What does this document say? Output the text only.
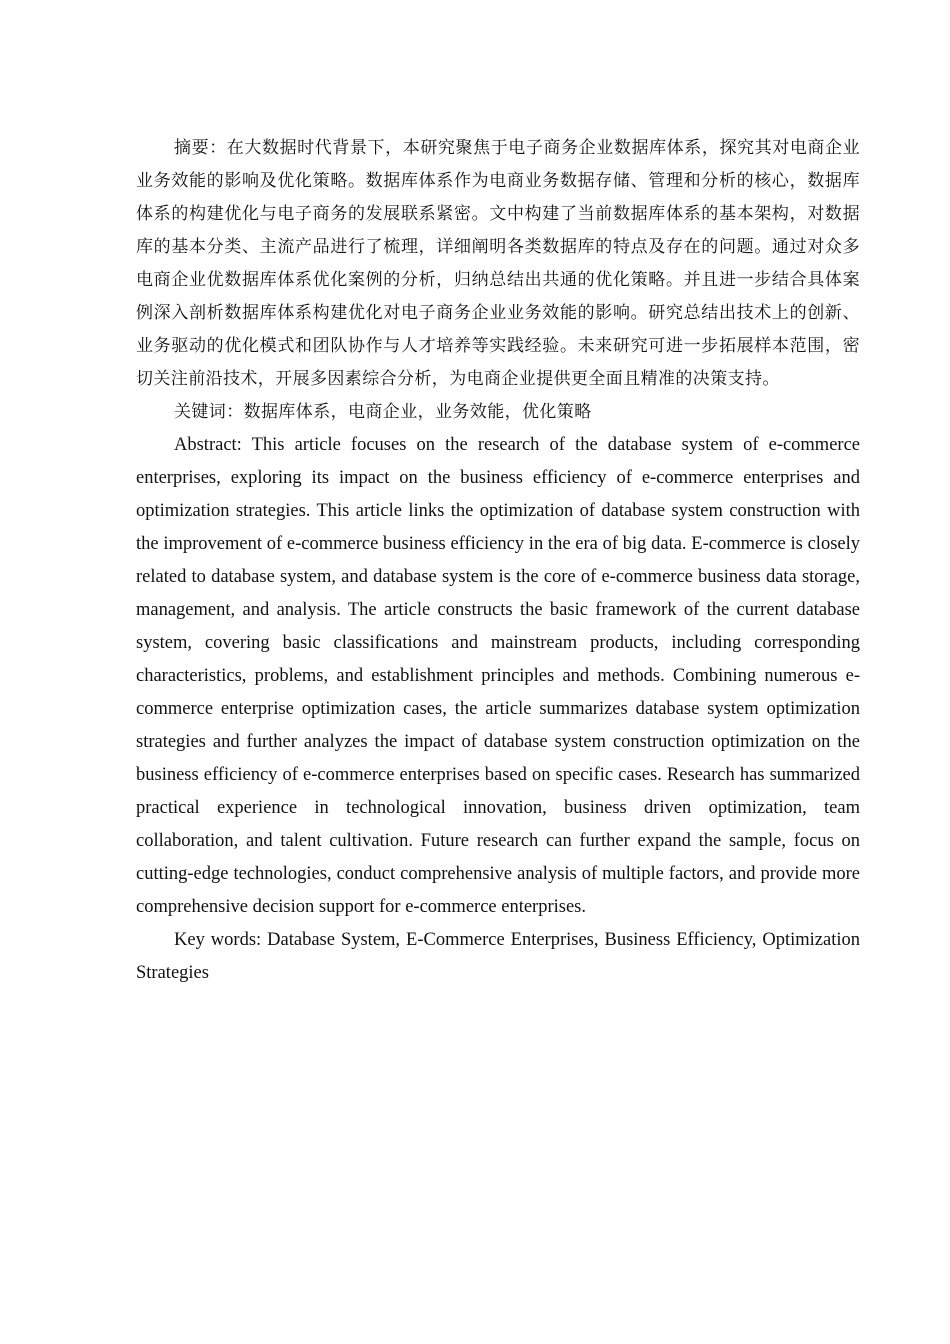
摘要：在大数据时代背景下，本研究聚焦于电子商务企业数据库体系，探究其对电商企业业务效能的影响及优化策略。数据库体系作为电商业务数据存储、管理和分析的核心，数据库体系的构建优化与电子商务的发展联系紧密。文中构建了当前数据库体系的基本架构，对数据库的基本分类、主流产品进行了梳理，详细阐明各类数据库的特点及存在的问题。通过对众多电商企业优数据库体系优化案例的分析，归纳总结出共通的优化策略。并且进一步结合具体案例深入剖析数据库体系构建优化对电子商务企业业务效能的影响。研究总结出技术上的创新、业务驱动的优化模式和团队协作与人才培养等实践经验。未来研究可进一步拓展样本范围，密切关注前沿技术，开展多因素综合分析，为电商企业提供更全面且精准的决策支持。

关键词：数据库体系，电商企业，业务效能，优化策略

Abstract: This article focuses on the research of the database system of e-commerce enterprises, exploring its impact on the business efficiency of e-commerce enterprises and optimization strategies. This article links the optimization of database system construction with the improvement of e-commerce business efficiency in the era of big data. E-commerce is closely related to database system, and database system is the core of e-commerce business data storage, management, and analysis. The article constructs the basic framework of the current database system, covering basic classifications and mainstream products, including corresponding characteristics, problems, and establishment principles and methods. Combining numerous e-commerce enterprise optimization cases, the article summarizes database system optimization strategies and further analyzes the impact of database system construction optimization on the business efficiency of e-commerce enterprises based on specific cases. Research has summarized practical experience in technological innovation, business driven optimization, team collaboration, and talent cultivation. Future research can further expand the sample, focus on cutting-edge technologies, conduct comprehensive analysis of multiple factors, and provide more comprehensive decision support for e-commerce enterprises.

Key words: Database System, E-Commerce Enterprises, Business Efficiency, Optimization Strategies
